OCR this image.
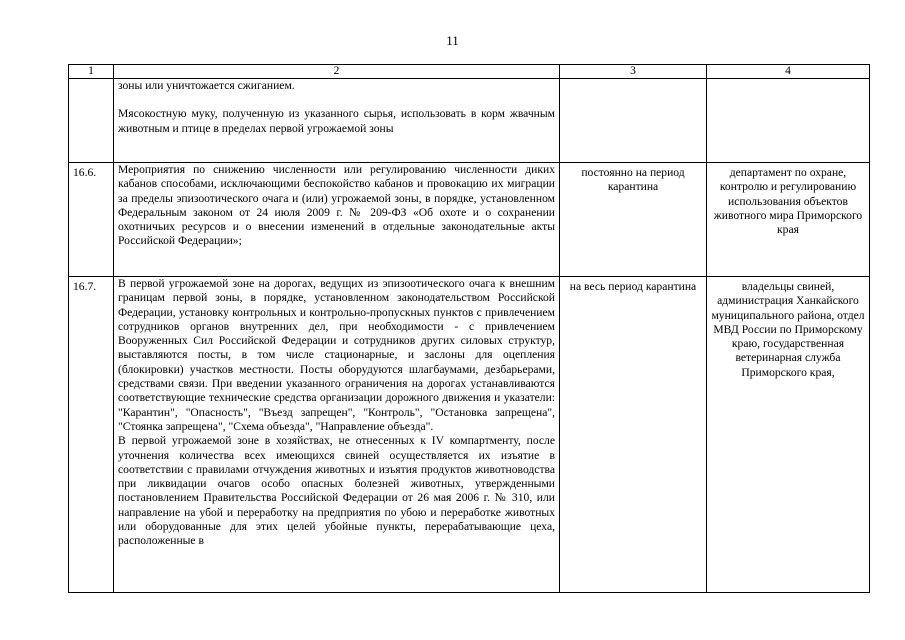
11
1	2	3	4

	зоны или уничтожается сжиганием.
Мясокостную муку, полученную из указанного сырья, использовать в корм жвачным животным и птице в пределах первой угрожаемой зоны		

16.6.	Мероприятия по снижению численности или регулированию численности диких кабанов способами, исключающими беспокойство кабанов и провокацию их миграции за пределы эпизоотического очага и (или) угрожаемой зоны, в порядке, установленном Федеральным законом от 24 июля 2009 г. № 209-ФЗ «Об охоте и о сохранении охотничьих ресурсов и о внесении изменений в отдельные законодательные акты Российской Федерации»;	постоянно на период карантина	департамент по охране, контролю и регулированию использования объектов животного мира Приморского края
16.7.	В первой угрожаемой зоне на дорогах, ведущих из эпизоотического очага к внешним границам первой зоны, в порядке, установленном законодательством Российской Федерации, установку контрольных и контрольно-пропускных пунктов с привлечением сотрудников органов внутренних дел, при необходимости - с привлечением Вооруженных Сил Российской Федерации и сотрудников других силовых структур, выставляются посты, в том числе стационарные, и заслоны для оцепления (блокировки) участков местности. Посты оборудуются шлагбаумами, дезбарьерами, средствами связи. При введении указанного ограничения на дорогах устанавливаются соответствующие технические средства организации дорожного движения и указатели: "Карантин", "Опасность", "Въезд запрещен", "Контроль", "Остановка запрещена", "Стоянка запрещена", "Схема объезда", "Направление объезда".
В первой угрожаемой зоне в хозяйствах, не отнесенных к IV компартменту, после уточнения количества всех имеющихся свиней осуществляется их изъятие в соответствии с правилами отчуждения животных и изъятия продуктов животноводства при ликвидации очагов особо опасных болезней животных, утвержденными постановлением Правительства Российской Федерации от 26 мая 2006 г. № 310, или направление на убой и переработку на предприятия по убою и переработке животных или оборудованные для этих целей убойные пункты, перерабатывающие цеха, расположенные в	на весь период карантина	владельцы свиней, администрация Ханкайского муниципального района, отдел МВД России по Приморскому краю, государственная ветеринарная служба Приморского края,
